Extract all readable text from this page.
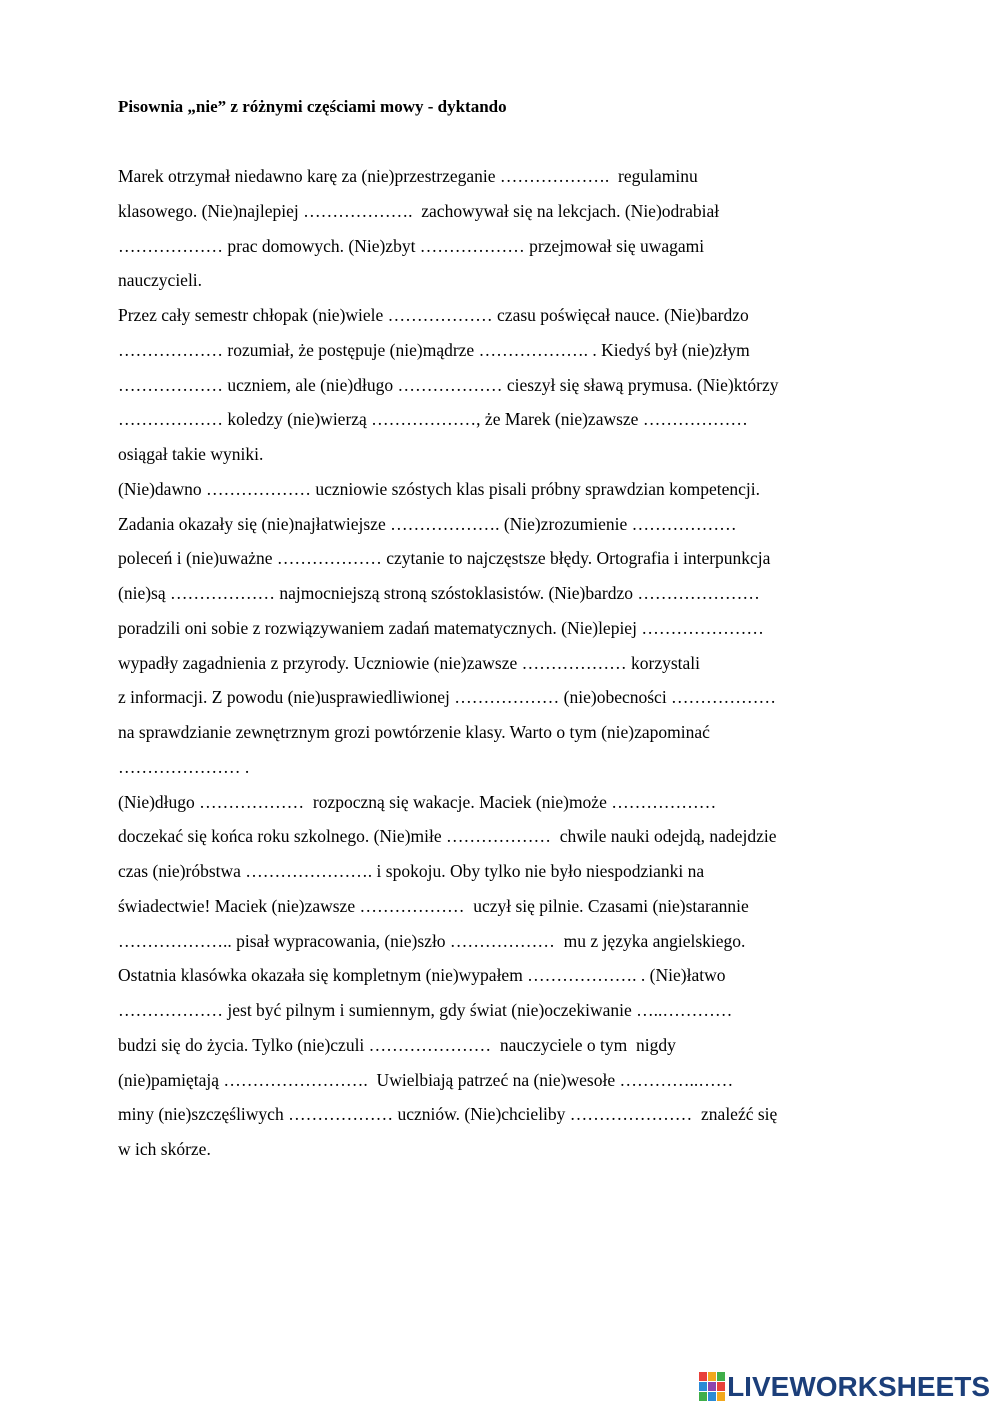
Pisownia „nie” z różnymi częściami mowy - dyktando
Marek otrzymał niedawno karę za (nie)przestrzeganie ……………….  regulaminu
klasowego. (Nie)najlepiej ……………….  zachowywał się na lekcjach. (Nie)odrabiał
……………… prac domowych. (Nie)zbyt ……………… przejmował się uwagami
nauczycieli.
Przez cały semestr chłopak (nie)wiele ……………… czasu poświęcał nauce. (Nie)bardzo
……………… rozumiał, że postępuje (nie)mądrze ………………. . Kiedyś był (nie)złym
……………… uczniem, ale (nie)długo ……………… cieszył się sławą prymusa. (Nie)którzy
……………… koledzy (nie)wierzą ………………, że Marek (nie)zawsze ………………
osiągał takie wyniki.
(Nie)dawno ……………… uczniowie szóstych klas pisali próbny sprawdzian kompetencji.
Zadania okazały się (nie)najłatwiejsze ………………. (Nie)zrozumienie ………………
poleceń i (nie)uważne ……………… czytanie to najczęstsze błędy. Ortografia i interpunkcja
(nie)są ……………… najmocniejszą stroną szóstoklasistów. (Nie)bardzo …………………
poradzili oni sobie z rozwiązywaniem zadań matematycznych. (Nie)lepiej …………………
wypadły zagadnienia z przyrody. Uczniowie (nie)zawsze ……………… korzystali
z informacji. Z powodu (nie)usprawiedliwionej ……………… (nie)obecności ………………
na sprawdzianie zewnętrznym grozi powtórzenie klasy. Warto o tym (nie)zapominać
………………… .
(Nie)długo ………………  rozpoczną się wakacje. Maciek (nie)może ………………
doczekać się końca roku szkolnego. (Nie)miłe ………………  chwile nauki odejdą, nadejdzie
czas (nie)róbstwa …………………. i spokoju. Oby tylko nie było niespodzianki na
świadectwie! Maciek (nie)zawsze ………………  uczył się pilnie. Czasami (nie)starannie
……………….. pisał wypracowania, (nie)szło ………………  mu z języka angielskiego.
Ostatnia klasówka okazała się kompletnym (nie)wypałem ………………. . (Nie)łatwo
……………… jest być pilnym i sumiennym, gdy świat (nie)oczekiwanie …..…………
budzi się do życia. Tylko (nie)czuli …………………  nauczyciele o tym  nigdy
(nie)pamiętają …………………….  Uwielbiają patrzeć na (nie)wesołe …………..……
miny (nie)szczęśliwych ……………… uczniów. (Nie)chcieliby …………………  znaleźć się
w ich skórze.
LIVEWORKSHEETS
